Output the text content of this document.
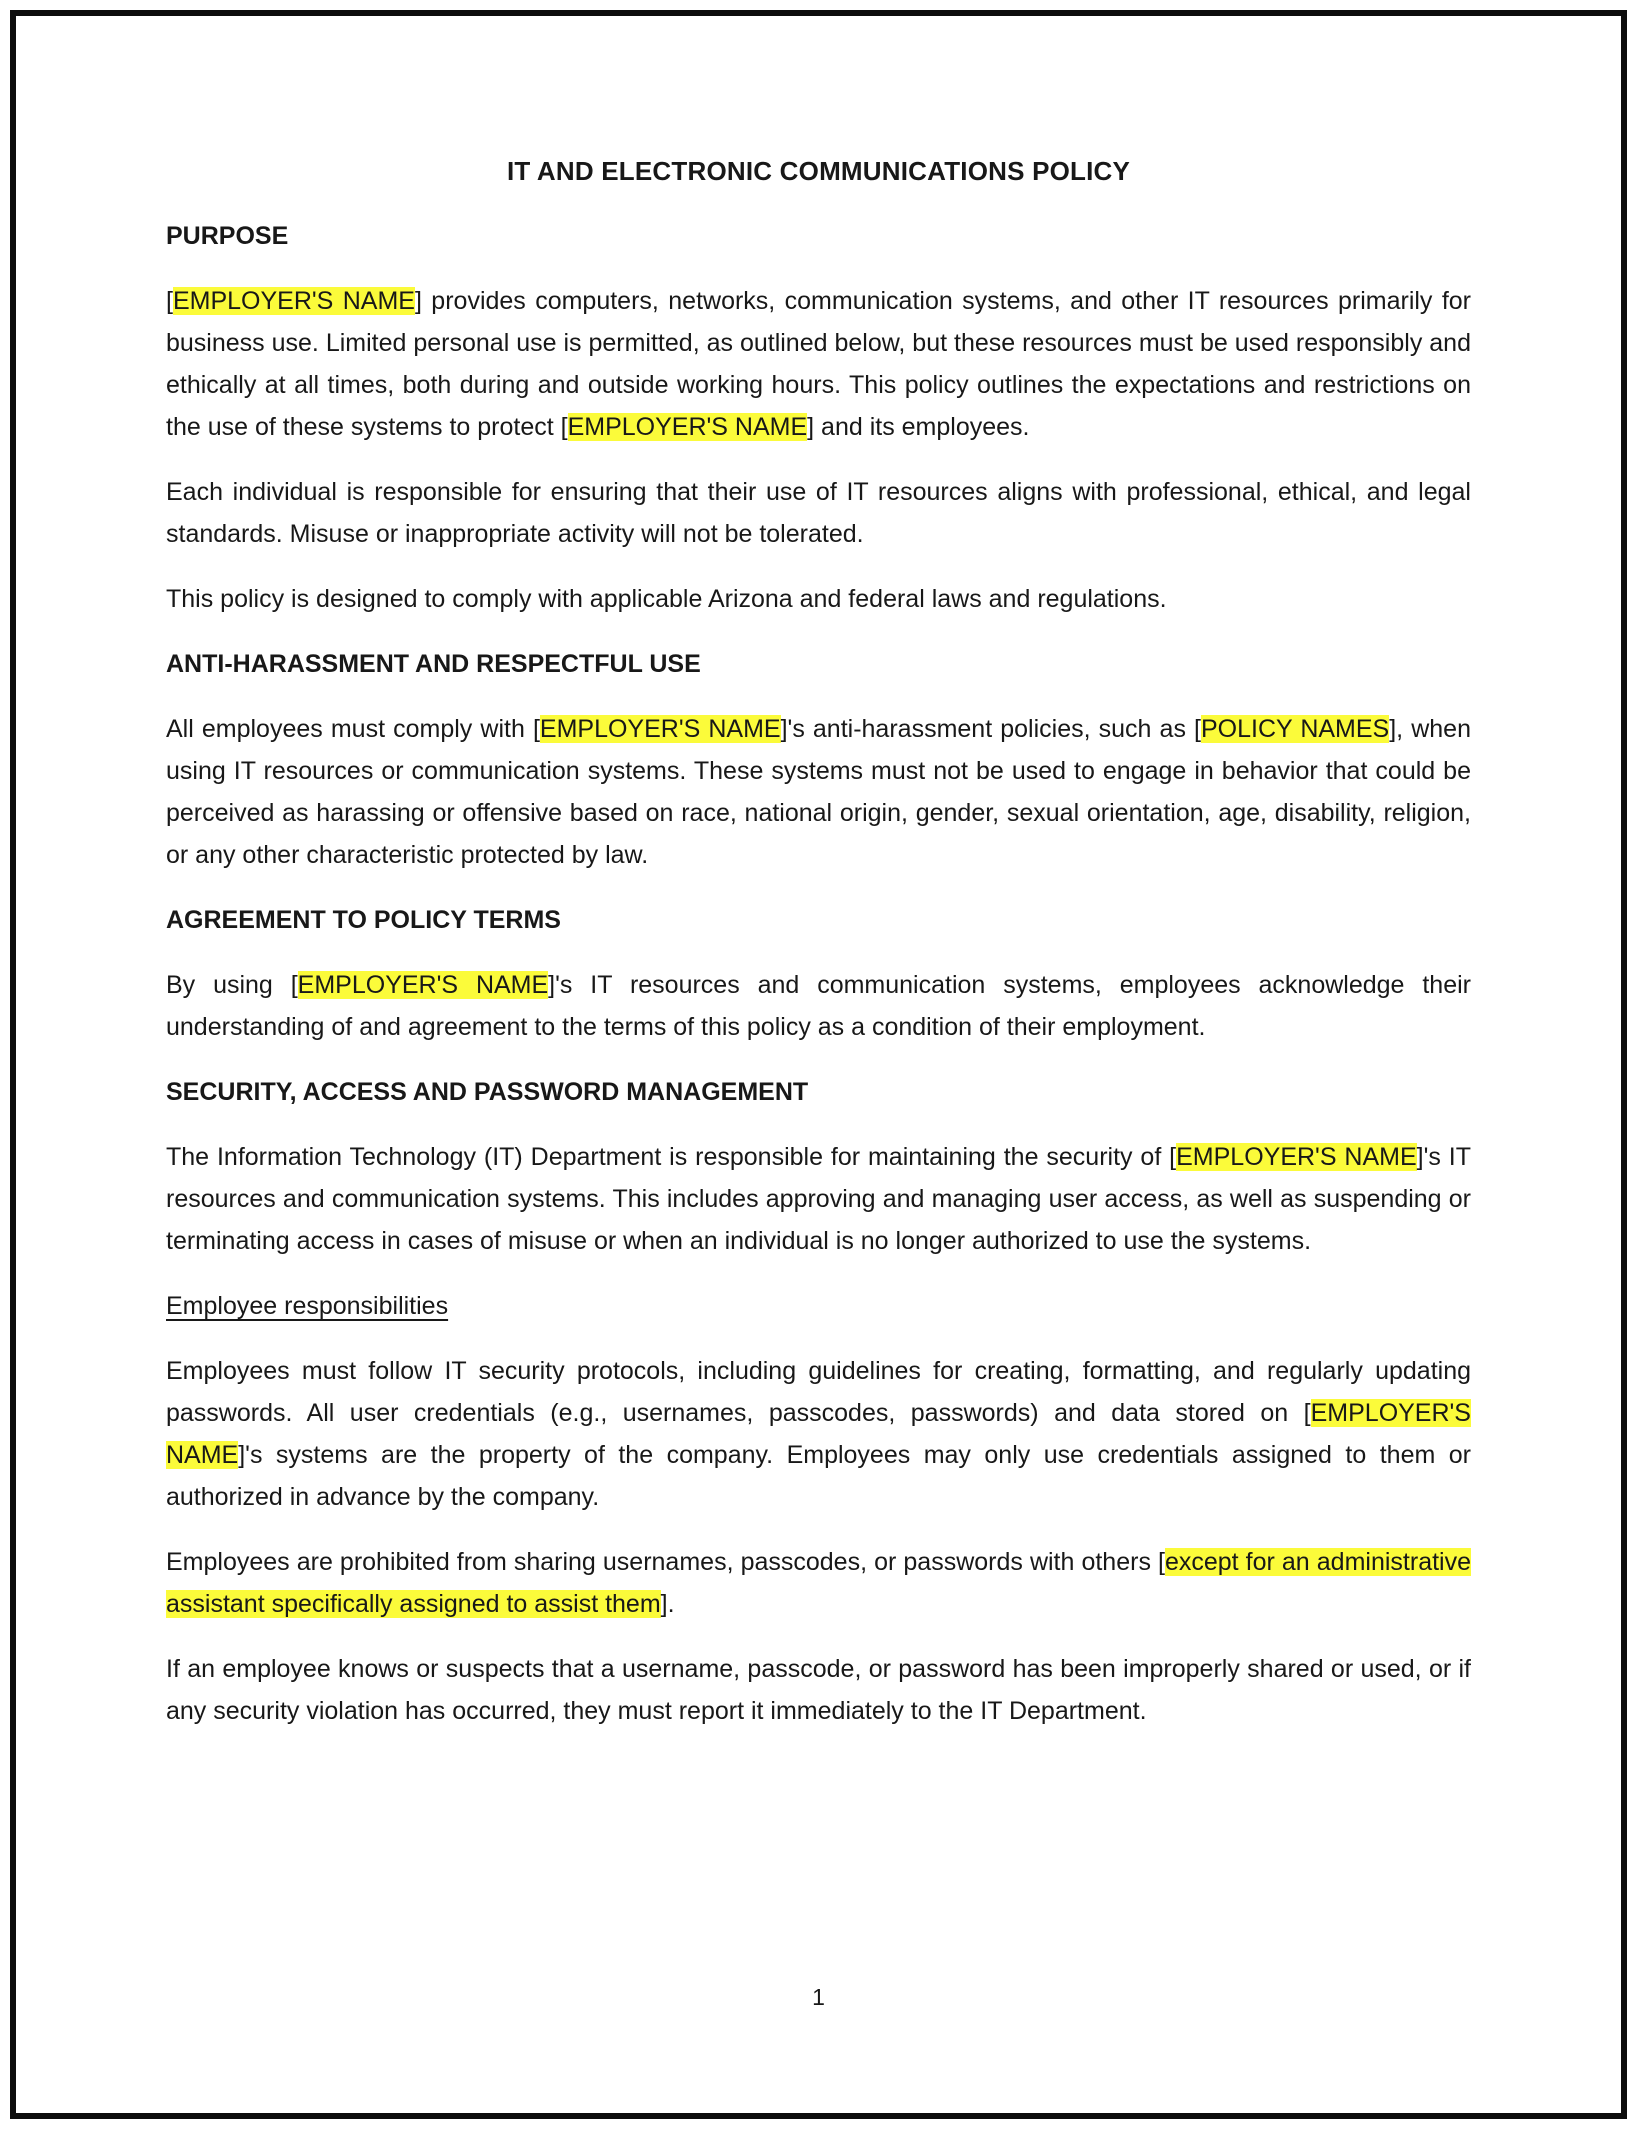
IT AND ELECTRONIC COMMUNICATIONS POLICY
PURPOSE
[EMPLOYER'S NAME] provides computers, networks, communication systems, and other IT resources primarily for business use. Limited personal use is permitted, as outlined below, but these resources must be used responsibly and ethically at all times, both during and outside working hours. This policy outlines the expectations and restrictions on the use of these systems to protect [EMPLOYER'S NAME] and its employees.
Each individual is responsible for ensuring that their use of IT resources aligns with professional, ethical, and legal standards. Misuse or inappropriate activity will not be tolerated.
This policy is designed to comply with applicable Arizona and federal laws and regulations.
ANTI-HARASSMENT AND RESPECTFUL USE
All employees must comply with [EMPLOYER'S NAME]'s anti-harassment policies, such as [POLICY NAMES], when using IT resources or communication systems. These systems must not be used to engage in behavior that could be perceived as harassing or offensive based on race, national origin, gender, sexual orientation, age, disability, religion, or any other characteristic protected by law.
AGREEMENT TO POLICY TERMS
By using [EMPLOYER'S NAME]'s IT resources and communication systems, employees acknowledge their understanding of and agreement to the terms of this policy as a condition of their employment.
SECURITY, ACCESS AND PASSWORD MANAGEMENT
The Information Technology (IT) Department is responsible for maintaining the security of [EMPLOYER'S NAME]'s IT resources and communication systems. This includes approving and managing user access, as well as suspending or terminating access in cases of misuse or when an individual is no longer authorized to use the systems.
Employee responsibilities
Employees must follow IT security protocols, including guidelines for creating, formatting, and regularly updating passwords. All user credentials (e.g., usernames, passcodes, passwords) and data stored on [EMPLOYER'S NAME]'s systems are the property of the company. Employees may only use credentials assigned to them or authorized in advance by the company.
Employees are prohibited from sharing usernames, passcodes, or passwords with others [except for an administrative assistant specifically assigned to assist them].
If an employee knows or suspects that a username, passcode, or password has been improperly shared or used, or if any security violation has occurred, they must report it immediately to the IT Department.
1
